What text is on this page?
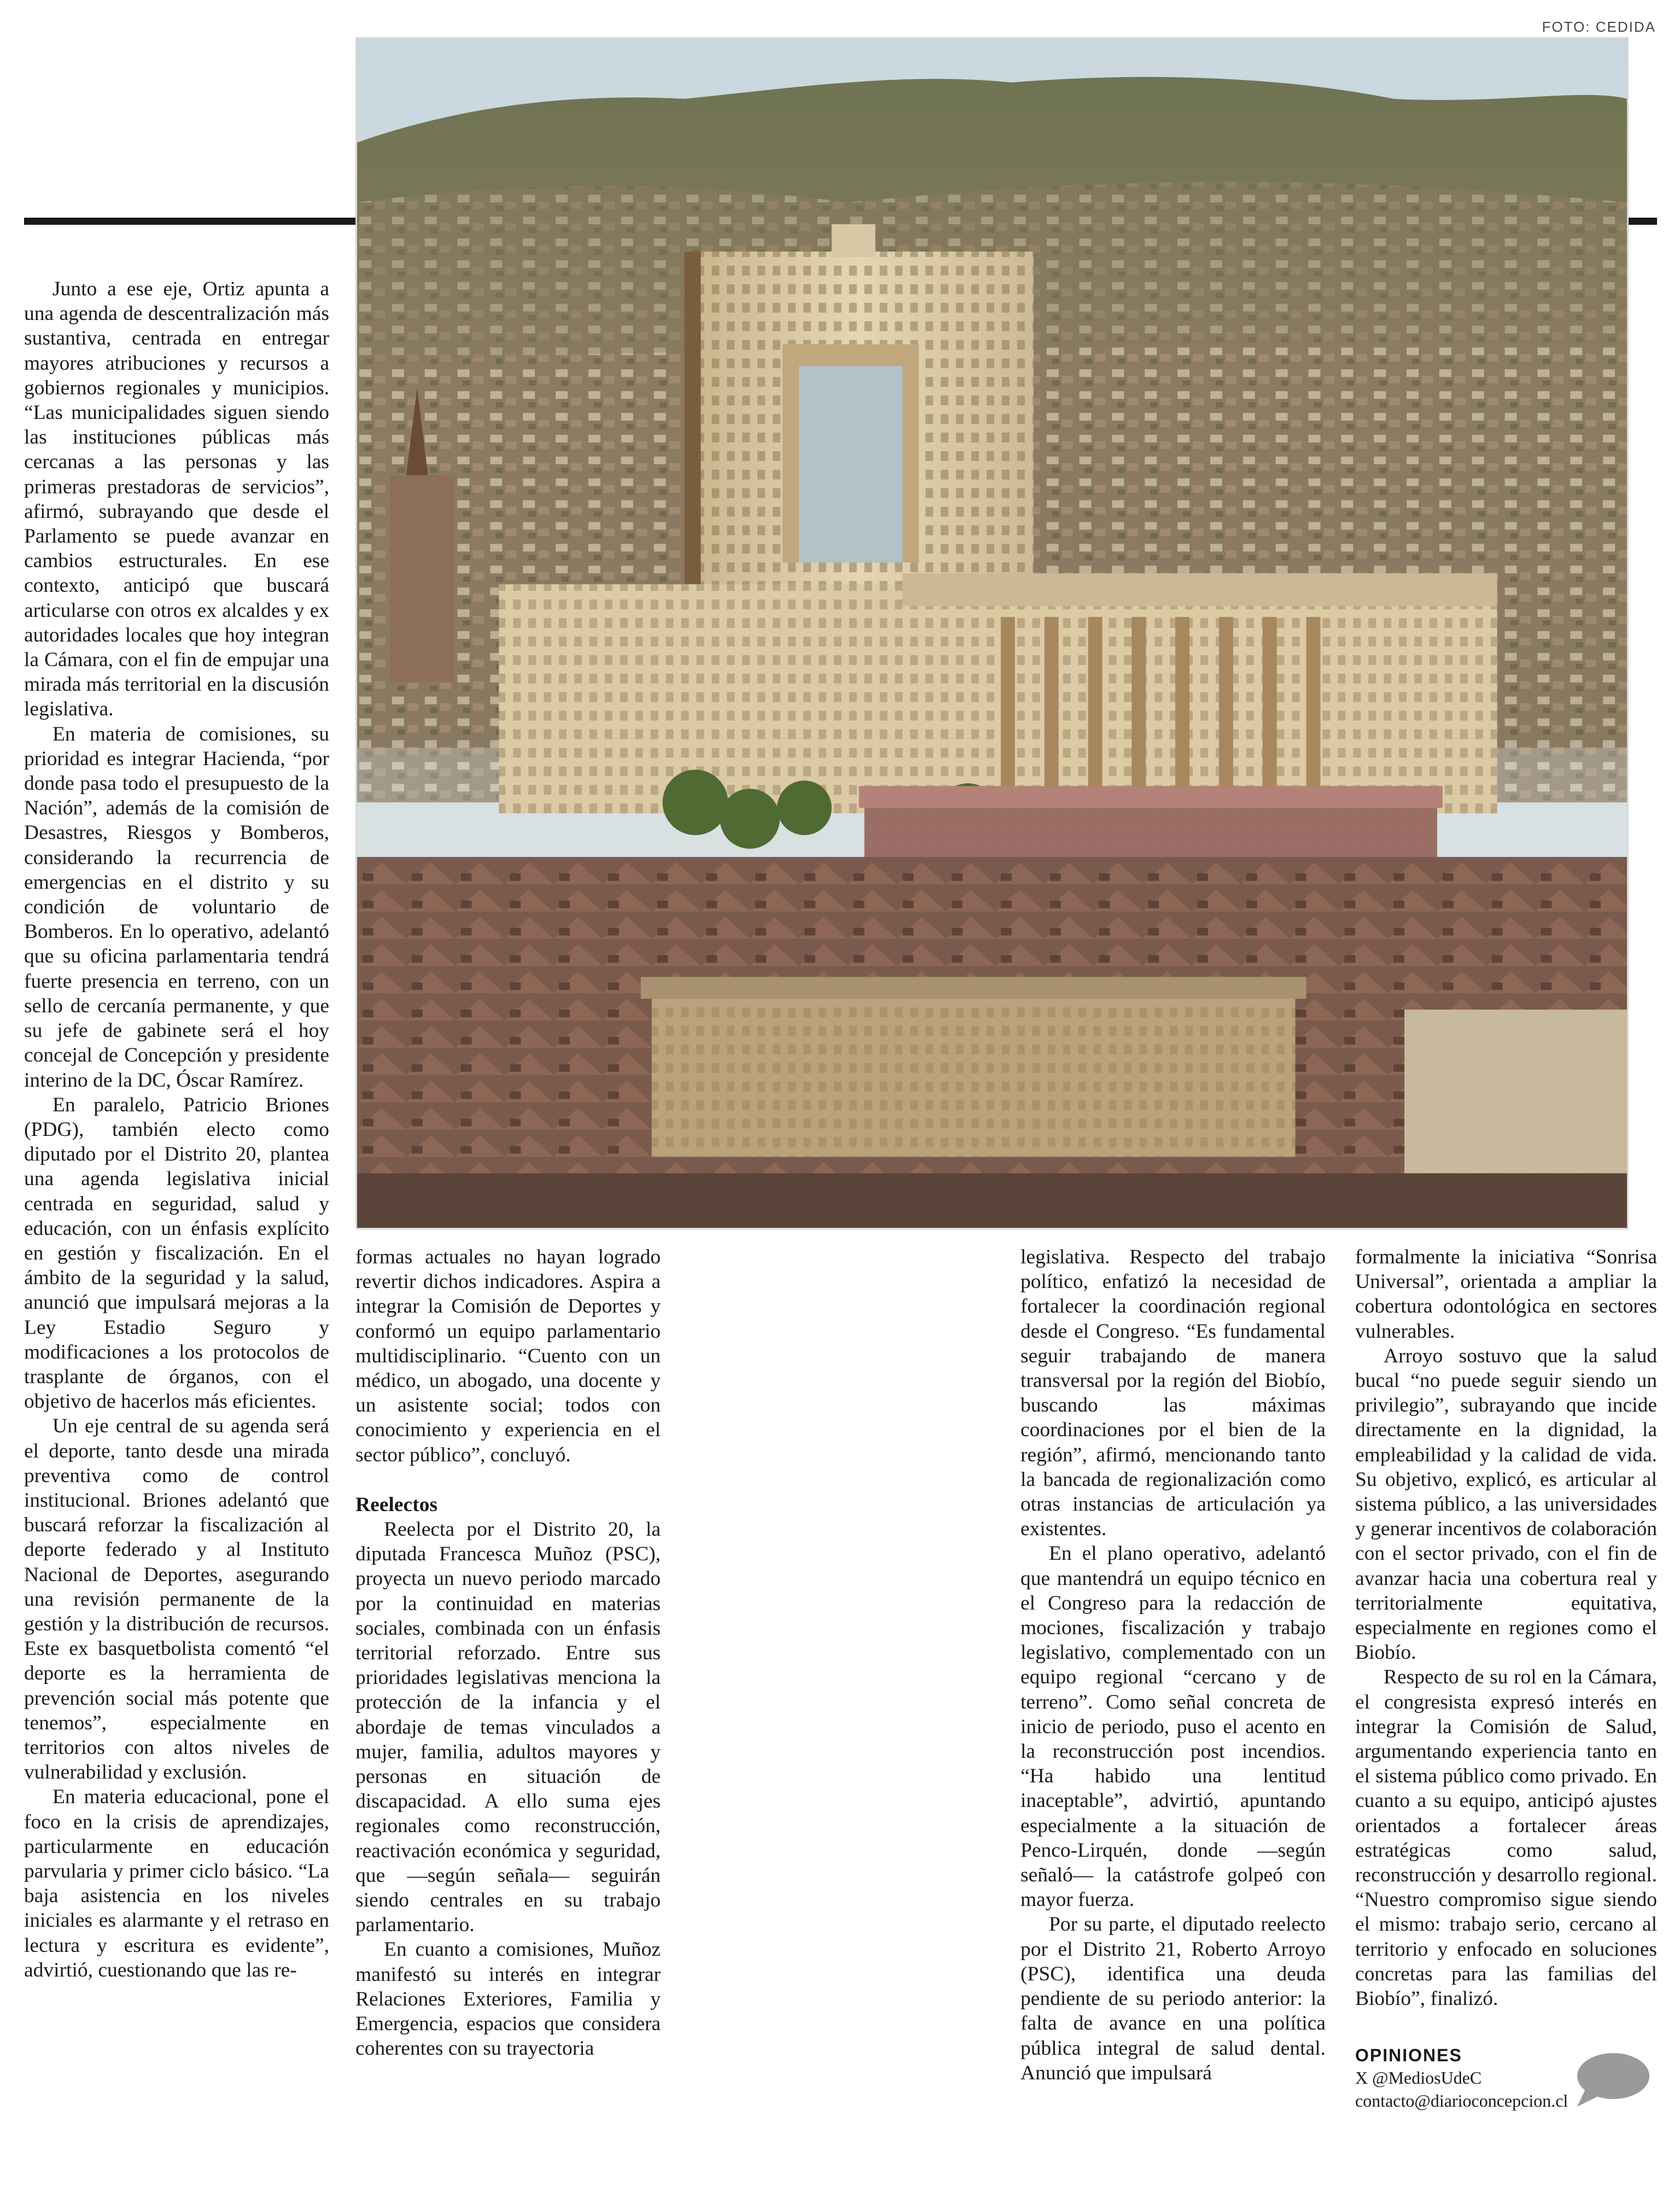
FOTO: CEDIDA

Junto a ese eje, Ortiz apunta a una agenda de descentralización más sustantiva, centrada en entregar mayores atribuciones y recursos a gobiernos regionales y municipios. “Las municipalidades siguen siendo las instituciones públicas más cercanas a las personas y las primeras prestadoras de servicios”, afirmó, subrayando que desde el Parlamento se puede avanzar en cambios estructurales. En ese contexto, anticipó que buscará articularse con otros ex alcaldes y ex autoridades locales que hoy integran la Cámara, con el fin de empujar una mirada más territorial en la discusión legislativa.

En materia de comisiones, su prioridad es integrar Hacienda, “por donde pasa todo el presupuesto de la Nación”, además de la comisión de Desastres, Riesgos y Bomberos, considerando la recurrencia de emergencias en el distrito y su condición de voluntario de Bomberos. En lo operativo, adelantó que su oficina parlamentaria tendrá fuerte presencia en terreno, con un sello de cercanía permanente, y que su jefe de gabinete será el hoy concejal de Concepción y presidente interino de la DC, Óscar Ramírez.

En paralelo, Patricio Briones (PDG), también electo como diputado por el Distrito 20, plantea una agenda legislativa inicial centrada en seguridad, salud y educación, con un énfasis explícito en gestión y fiscalización. En el ámbito de la seguridad y la salud, anunció que impulsará mejoras a la Ley Estadio Seguro y modificaciones a los protocolos de trasplante de órganos, con el objetivo de hacerlos más eficientes.

Un eje central de su agenda será el deporte, tanto desde una mirada preventiva como de control institucional. Briones adelantó que buscará reforzar la fiscalización al deporte federado y al Instituto Nacional de Deportes, asegurando una revisión permanente de la gestión y la distribución de recursos. Este ex basquetbolista comentó “el deporte es la herramienta de prevención social más potente que tenemos”, especialmente en territorios con altos niveles de vulnerabilidad y exclusión.

En materia educacional, pone el foco en la crisis de aprendizajes, particularmente en educación parvularia y primer ciclo básico. “La baja asistencia en los niveles iniciales es alarmante y el retraso en lectura y escritura es evidente”, advirtió, cuestionando que las re-

formas actuales no hayan logrado revertir dichos indicadores. Aspira a integrar la Comisión de Deportes y conformó un equipo parlamentario multidisciplinario. “Cuento con un médico, un abogado, una docente y un asistente social; todos con conocimiento y experiencia en el sector público”, concluyó.

Reelectos

Reelecta por el Distrito 20, la diputada Francesca Muñoz (PSC), proyecta un nuevo periodo marcado por la continuidad en materias sociales, combinada con un énfasis territorial reforzado. Entre sus prioridades legislativas menciona la protección de la infancia y el abordaje de temas vinculados a mujer, familia, adultos mayores y personas en situación de discapacidad. A ello suma ejes regionales como reconstrucción, reactivación económica y seguridad, que —según señala— seguirán siendo centrales en su trabajo parlamentario.

En cuanto a comisiones, Muñoz manifestó su interés en integrar Relaciones Exteriores, Familia y Emergencia, espacios que considera coherentes con su trayectoria

legislativa. Respecto del trabajo político, enfatizó la necesidad de fortalecer la coordinación regional desde el Congreso. “Es fundamental seguir trabajando de manera transversal por la región del Biobío, buscando las máximas coordinaciones por el bien de la región”, afirmó, mencionando tanto la bancada de regionalización como otras instancias de articulación ya existentes.

En el plano operativo, adelantó que mantendrá un equipo técnico en el Congreso para la redacción de mociones, fiscalización y trabajo legislativo, complementado con un equipo regional “cercano y de terreno”. Como señal concreta de inicio de periodo, puso el acento en la reconstrucción post incendios. “Ha habido una lentitud inaceptable”, advirtió, apuntando especialmente a la situación de Penco-Lirquén, donde —según señaló— la catástrofe golpeó con mayor fuerza.

Por su parte, el diputado reelecto por el Distrito 21, Roberto Arroyo (PSC), identifica una deuda pendiente de su periodo anterior: la falta de avance en una política pública integral de salud dental. Anunció que impulsará

formalmente la iniciativa “Sonrisa Universal”, orientada a ampliar la cobertura odontológica en sectores vulnerables.

Arroyo sostuvo que la salud bucal “no puede seguir siendo un privilegio”, subrayando que incide directamente en la dignidad, la empleabilidad y la calidad de vida. Su objetivo, explicó, es articular al sistema público, a las universidades y generar incentivos de colaboración con el sector privado, con el fin de avanzar hacia una cobertura real y territorialmente equitativa, especialmente en regiones como el Biobío.

Respecto de su rol en la Cámara, el congresista expresó interés en integrar la Comisión de Salud, argumentando experiencia tanto en el sistema público como privado. En cuanto a su equipo, anticipó ajustes orientados a fortalecer áreas estratégicas como salud, reconstrucción y desarrollo regional. “Nuestro compromiso sigue siendo el mismo: trabajo serio, cercano al territorio y enfocado en soluciones concretas para las familias del Biobío”, finalizó.

OPINIONES

X @MediosUdeC

contacto@diarioconcepcion.cl
